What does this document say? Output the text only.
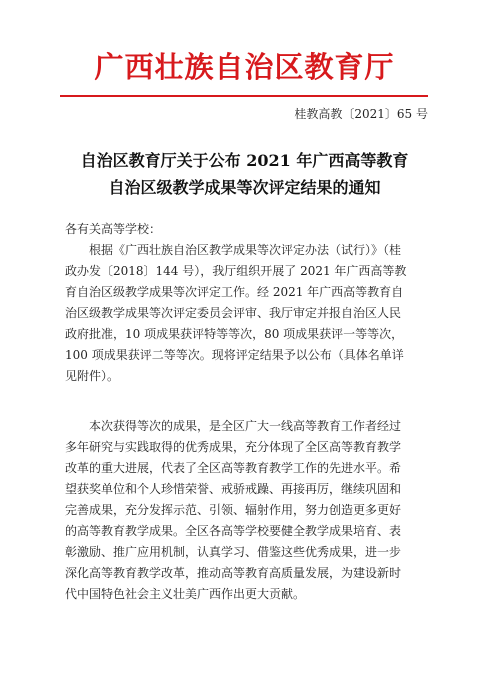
广西壮族自治区教育厅
桂教高教〔2021〕65 号
自治区教育厅关于公布 2021 年广西高等教育
自治区级教学成果等次评定结果的通知
各有关高等学校：
根据《广西壮族自治区教学成果等次评定办法（试行）》（桂
政办发〔2018〕144 号），我厅组织开展了 2021 年广西高等教
育自治区级教学成果等次评定工作。经 2021 年广西高等教育自
治区级教学成果等次评定委员会评审、我厅审定并报自治区人民
政府批准，10 项成果获评特等等次，80 项成果获评一等等次，
100 项成果获评二等等次。现将评定结果予以公布（具体名单详
见附件）。
本次获得等次的成果，是全区广大一线高等教育工作者经过
多年研究与实践取得的优秀成果，充分体现了全区高等教育教学
改革的重大进展，代表了全区高等教育教学工作的先进水平。希
望获奖单位和个人珍惜荣誉、戒骄戒躁、再接再厉，继续巩固和
完善成果，充分发挥示范、引领、辐射作用，努力创造更多更好
的高等教育教学成果。全区各高等学校要健全教学成果培育、表
彰激励、推广应用机制，认真学习、借鉴这些优秀成果，进一步
深化高等教育教学改革，推动高等教育高质量发展，为建设新时
代中国特色社会主义壮美广西作出更大贡献。
